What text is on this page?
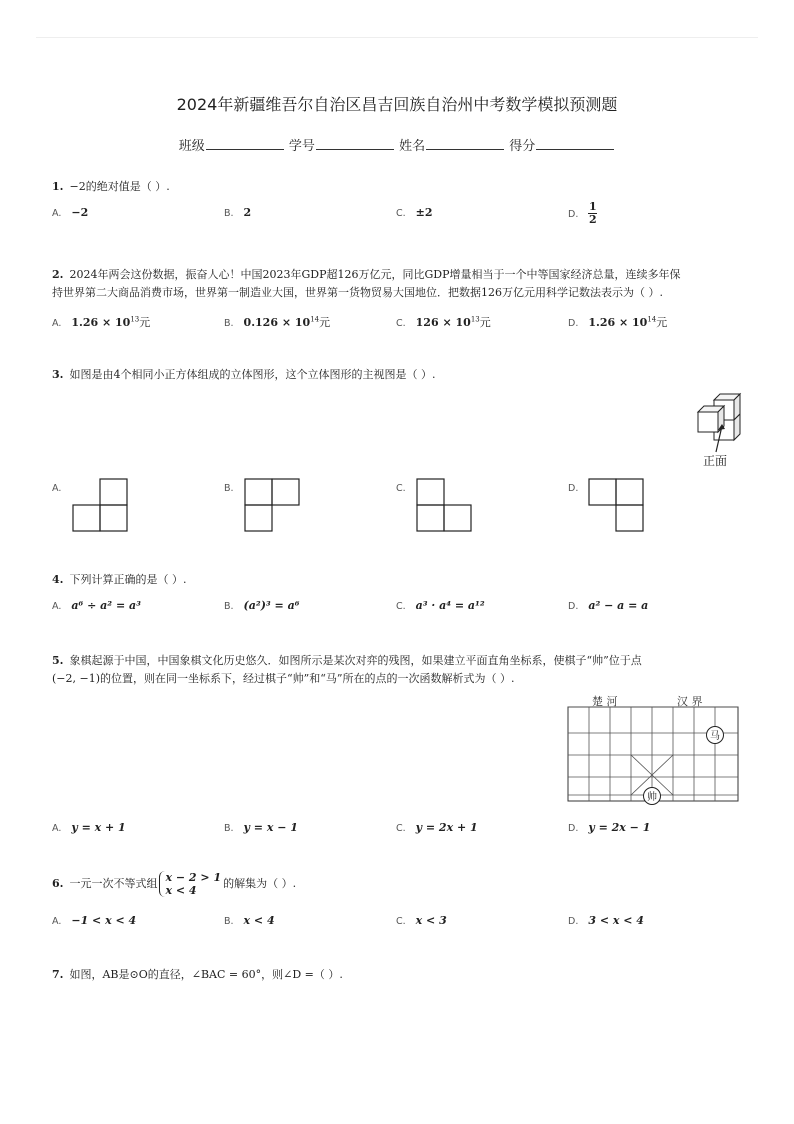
2024年新疆维吾尔自治区昌吉回族自治州中考数学模拟预测题
班级	学号	姓名	得分
1. −2的绝对值是（ ）.
A. −2	B. 2	C. ±2	D. $\frac{1}{2}$
2. 2024年两会这份数据，振奋人心！中国2023年GDP超126万亿元，同比GDP增量相当于一个中等国家经济总量，连续多年保
持世界第二大商品消费市场，世界第一制造业大国，世界第一货物贸易大国地位．把数据126万亿元用科学记数法表示为（ ）.
A. $1.26 \times 10^{13}$元	B. $0.126 \times 10^{14}$元	C. $126 \times 10^{13}$元	D. $1.26 \times 10^{14}$元
3. 如图是由4个相同小正方体组成的立体图形，这个立体图形的主视图是（ ）.
正面
A.	B.	C.	D.
4. 下列计算正确的是（ ）.
A. a⁶ ÷ a² = a³	B. (a²)³ = a⁶	C. a³ · a⁴ = a¹²	D. a² − a = a
5. 象棋起源于中国，中国象棋文化历史悠久．如图所示是某次对弈的残图，如果建立平面直角坐标系，使棋子“帅”位于点
(−2, −1)的位置，则在同一坐标系下，经过棋子“帅”和“马”所在的点的一次函数解析式为（ ）.
楚 河	汉 界
马
帅
A. y = x + 1	B. y = x − 1	C. y = 2x + 1	D. y = 2x − 1
6. 一元一次不等式组 x − 2 > 1
x < 4
的解集为（ ）.
A. −1 < x < 4	B. x < 4	C. x < 3	D. 3 < x < 4
7. 如图，AB是⊙O的直径，∠BAC = 60°，则∠D =（ ）.
